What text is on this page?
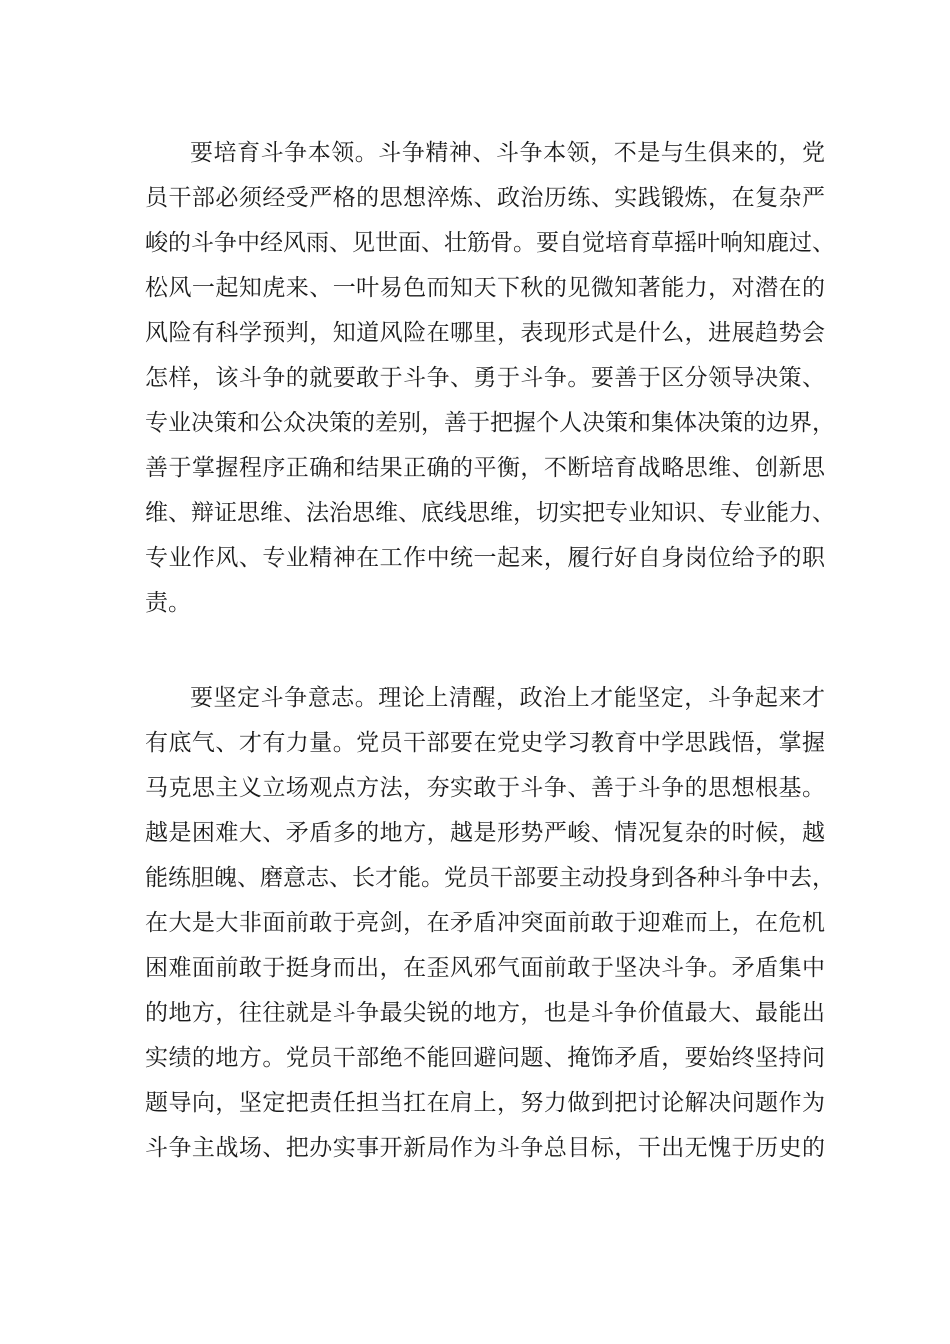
要培育斗争本领。斗争精神、斗争本领，不是与生俱来的，党
员干部必须经受严格的思想淬炼、政治历练、实践锻炼，在复杂严
峻的斗争中经风雨、见世面、壮筋骨。要自觉培育草摇叶响知鹿过、
松风一起知虎来、一叶易色而知天下秋的见微知著能力，对潜在的
风险有科学预判，知道风险在哪里，表现形式是什么，进展趋势会
怎样，该斗争的就要敢于斗争、勇于斗争。要善于区分领导决策、
专业决策和公众决策的差别，善于把握个人决策和集体决策的边界，
善于掌握程序正确和结果正确的平衡，不断培育战略思维、创新思
维、辩证思维、法治思维、底线思维，切实把专业知识、专业能力、
专业作风、专业精神在工作中统一起来，履行好自身岗位给予的职
责。
要坚定斗争意志。理论上清醒，政治上才能坚定，斗争起来才
有底气、才有力量。党员干部要在党史学习教育中学思践悟，掌握
马克思主义立场观点方法，夯实敢于斗争、善于斗争的思想根基。
越是困难大、矛盾多的地方，越是形势严峻、情况复杂的时候，越
能练胆魄、磨意志、长才能。党员干部要主动投身到各种斗争中去，
在大是大非面前敢于亮剑，在矛盾冲突面前敢于迎难而上，在危机
困难面前敢于挺身而出，在歪风邪气面前敢于坚决斗争。矛盾集中
的地方，往往就是斗争最尖锐的地方，也是斗争价值最大、最能出
实绩的地方。党员干部绝不能回避问题、掩饰矛盾，要始终坚持问
题导向，坚定把责任担当扛在肩上，努力做到把讨论解决问题作为
斗争主战场、把办实事开新局作为斗争总目标，干出无愧于历史的
